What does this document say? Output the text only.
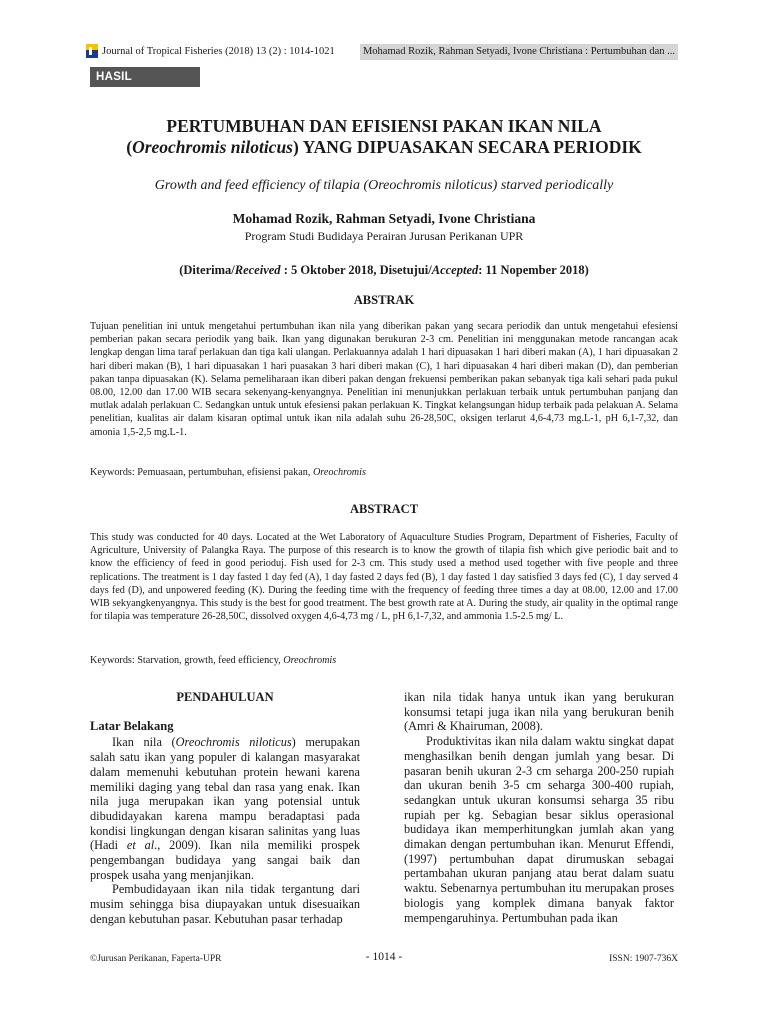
Journal of Tropical Fisheries (2018) 13 (2) : 1014-1021	Mohamad Rozik, Rahman Setyadi, Ivone Christiana : Pertumbuhan dan ...
HASIL PENELITIAN
PERTUMBUHAN DAN EFISIENSI PAKAN IKAN NILA
(Oreochromis niloticus) YANG DIPUASAKAN SECARA PERIODIK
Growth and feed efficiency of tilapia (Oreochromis niloticus) starved periodically
Mohamad Rozik, Rahman Setyadi, Ivone Christiana
Program Studi Budidaya Perairan Jurusan Perikanan UPR
(Diterima/Received : 5 Oktober 2018, Disetujui/Accepted: 11 Nopember 2018)
ABSTRAK
Tujuan penelitian ini untuk mengetahui pertumbuhan ikan nila yang diberikan pakan yang secara periodik dan untuk mengetahui efesiensi pemberian pakan secara periodik yang baik. Ikan yang digunakan berukuran 2-3 cm. Penelitian ini menggunakan metode rancangan acak lengkap dengan lima taraf perlakuan dan tiga kali ulangan. Perlakuannya adalah 1 hari dipuasakan 1 hari diberi makan (A), 1 hari dipuasakan 2 hari diberi makan (B), 1 hari dipuasakan 1 hari puasakan 3 hari diberi makan (C), 1 hari dipuasakan 4 hari diberi makan (D), dan pemberian pakan tanpa dipuasakan (K). Selama pemeliharaan ikan diberi pakan dengan frekuensi pemberikan pakan sebanyak tiga kali sehari pada pukul 08.00, 12.00 dan 17.00 WIB secara sekenyang-kenyangnya. Penelitian ini menunjukkan perlakuan terbaik untuk pertumbuhan panjang dan mutlak adalah perlakuan C. Sedangkan untuk untuk efesiensi pakan perlakuan K. Tingkat kelangsungan hidup terbaik pada pelakuan A. Selama penelitian, kualitas air dalam kisaran optimal untuk ikan nila adalah suhu 26-28,50C, oksigen terlarut 4,6-4,73 mg.L-1, pH 6,1-7,32, dan amonia 1,5-2,5 mg.L-1.
Keywords: Pemuasaan, pertumbuhan, efisiensi pakan, Oreochromis
ABSTRACT
This study was conducted for 40 days. Located at the Wet Laboratory of Aquaculture Studies Program, Department of Fisheries, Faculty of Agriculture, University of Palangka Raya. The purpose of this research is to know the growth of tilapia fish which give periodic bait and to know the efficiency of feed in good perioduj. Fish used for 2-3 cm. This study used a method used together with five people and three replications. The treatment is 1 day fasted 1 day fed (A), 1 day fasted 2 days fed (B), 1 day fasted 1 day satisfied 3 days fed (C), 1 day served 4 days fed (D), and unpowered feeding (K). During the feeding time with the frequency of feeding three times a day at 08.00, 12.00 and 17.00 WIB sekyangkenyangnya. This study is the best for good treatment. The best growth rate at A. During the study, air quality in the optimal range for tilapia was temperature 26-28,50C, dissolved oxygen 4,6-4,73 mg / L, pH 6,1-7,32, and ammonia 1.5-2.5 mg/ L.
Keywords: Starvation, growth, feed efficiency, Oreochromis
PENDAHULUAN
Latar Belakang

Ikan nila (Oreochromis niloticus) merupakan salah satu ikan yang populer di kalangan masyarakat dalam memenuhi kebutuhan protein hewani karena memiliki daging yang tebal dan rasa yang enak. Ikan nila juga merupakan ikan yang potensial untuk dibudidayakan karena mampu beradaptasi pada kondisi lingkungan dengan kisaran salinitas yang luas (Hadi et al., 2009). Ikan nila memiliki prospek pengembangan budidaya yang sangai baik dan prospek usaha yang menjanjikan.

Pembudidayaan ikan nila tidak tergantung dari musim sehingga bisa diupayakan untuk disesuaikan dengan kebutuhan pasar. Kebutuhan pasar terhadap

ikan nila tidak hanya untuk ikan yang berukuran konsumsi tetapi juga ikan nila yang berukuran benih (Amri & Khairuman, 2008).

Produktivitas ikan nila dalam waktu singkat dapat menghasilkan benih dengan jumlah yang besar. Di pasaran benih ukuran 2-3 cm seharga 200-250 rupiah dan ukuran benih 3-5 cm seharga 300-400 rupiah, sedangkan untuk ukuran konsumsi seharga 35 ribu rupiah per kg. Sebagian besar siklus operasional budidaya ikan memperhitungkan jumlah akan yang dimakan dengan pertumbuhan ikan. Menurut Effendi, (1997) pertumbuhan dapat dirumuskan sebagai pertambahan ukuran panjang atau berat dalam suatu waktu. Sebenarnya pertumbuhan itu merupakan proses biologis yang komplek dimana banyak faktor mempengaruhinya. Pertumbuhan pada ikan

©Jurusan Perikanan, Faperta-UPR	- 1014 -	ISSN: 1907-736X
